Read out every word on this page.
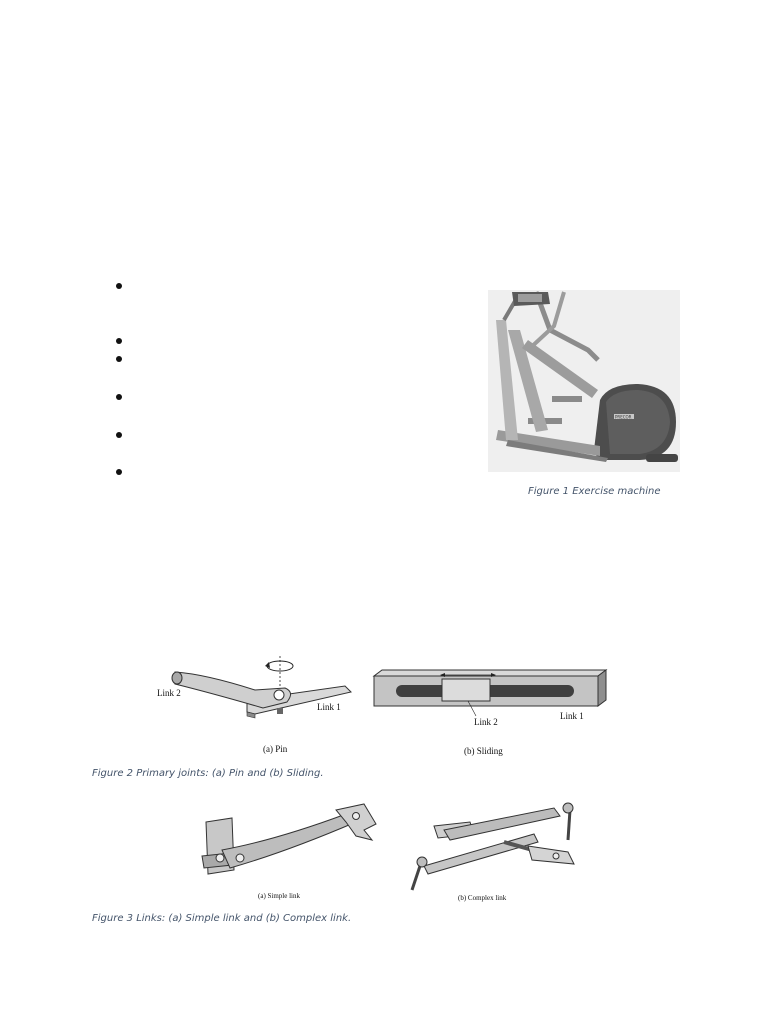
PRECOR
Figure 1 Exercise machine
Link 2
Link 1
(a) Pin
Link 2
Link 1
(b) Sliding
Figure 2 Primary joints: (a) Pin and (b) Sliding.
(a) Simple link	(b) Complex link
Figure 3 Links: (a) Simple link and (b) Complex link.
